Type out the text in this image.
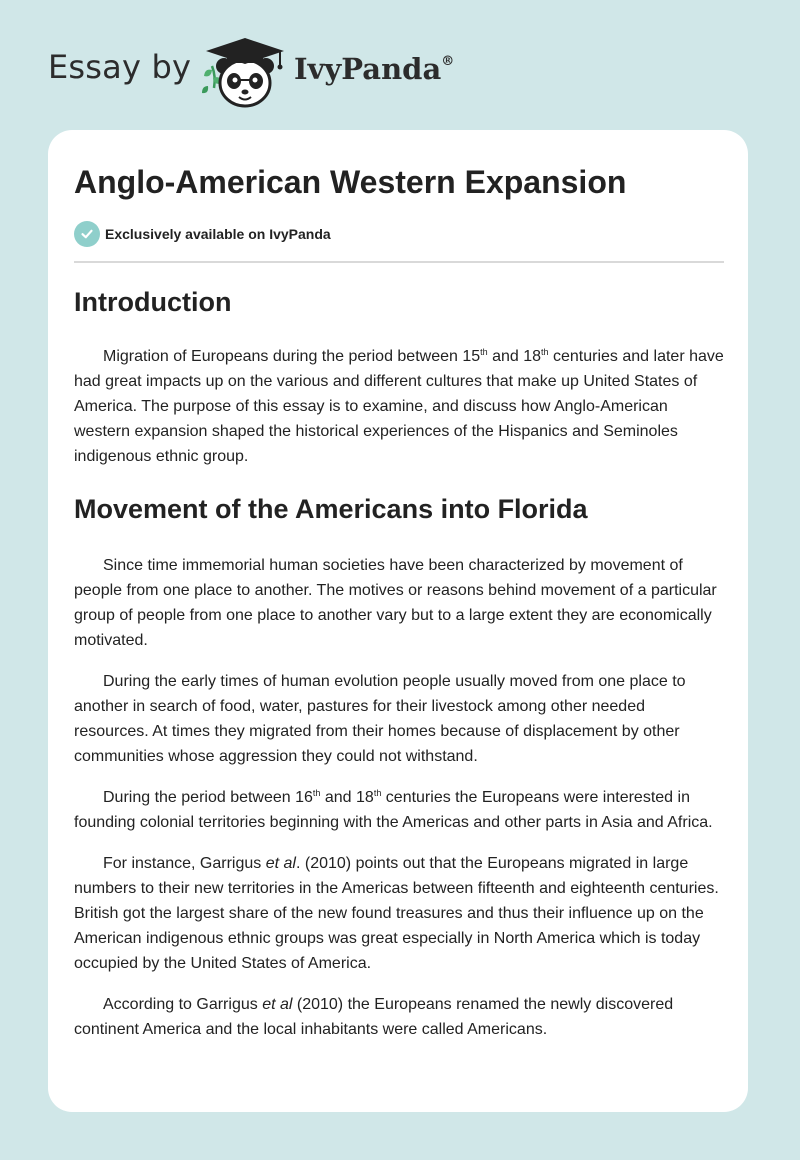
Essay by	IvyPanda®
Anglo-American Western Expansion
Exclusively available on IvyPanda
Introduction

Migration of Europeans during the period between 15th and 18th centuries and later have had great impacts up on the various and different cultures that make up United States of America. The purpose of this essay is to examine, and discuss how Anglo-American western expansion shaped the historical experiences of the Hispanics and Seminoles indigenous ethnic group.

Movement of the Americans into Florida

Since time immemorial human societies have been characterized by movement of people from one place to another. The motives or reasons behind movement of a particular group of people from one place to another vary but to a large extent they are economically motivated.

During the early times of human evolution people usually moved from one place to another in search of food, water, pastures for their livestock among other needed resources. At times they migrated from their homes because of displacement by other communities whose aggression they could not withstand.

During the period between 16th and 18th centuries the Europeans were interested in founding colonial territories beginning with the Americas and other parts in Asia and Africa.

For instance, Garrigus et al. (2010) points out that the Europeans migrated in large numbers to their new territories in the Americas between fifteenth and eighteenth centuries. British got the largest share of the new found treasures and thus their influence up on the American indigenous ethnic groups was great especially in North America which is today occupied by the United States of America.

According to Garrigus et al (2010) the Europeans renamed the newly discovered continent America and the local inhabitants were called Americans.
